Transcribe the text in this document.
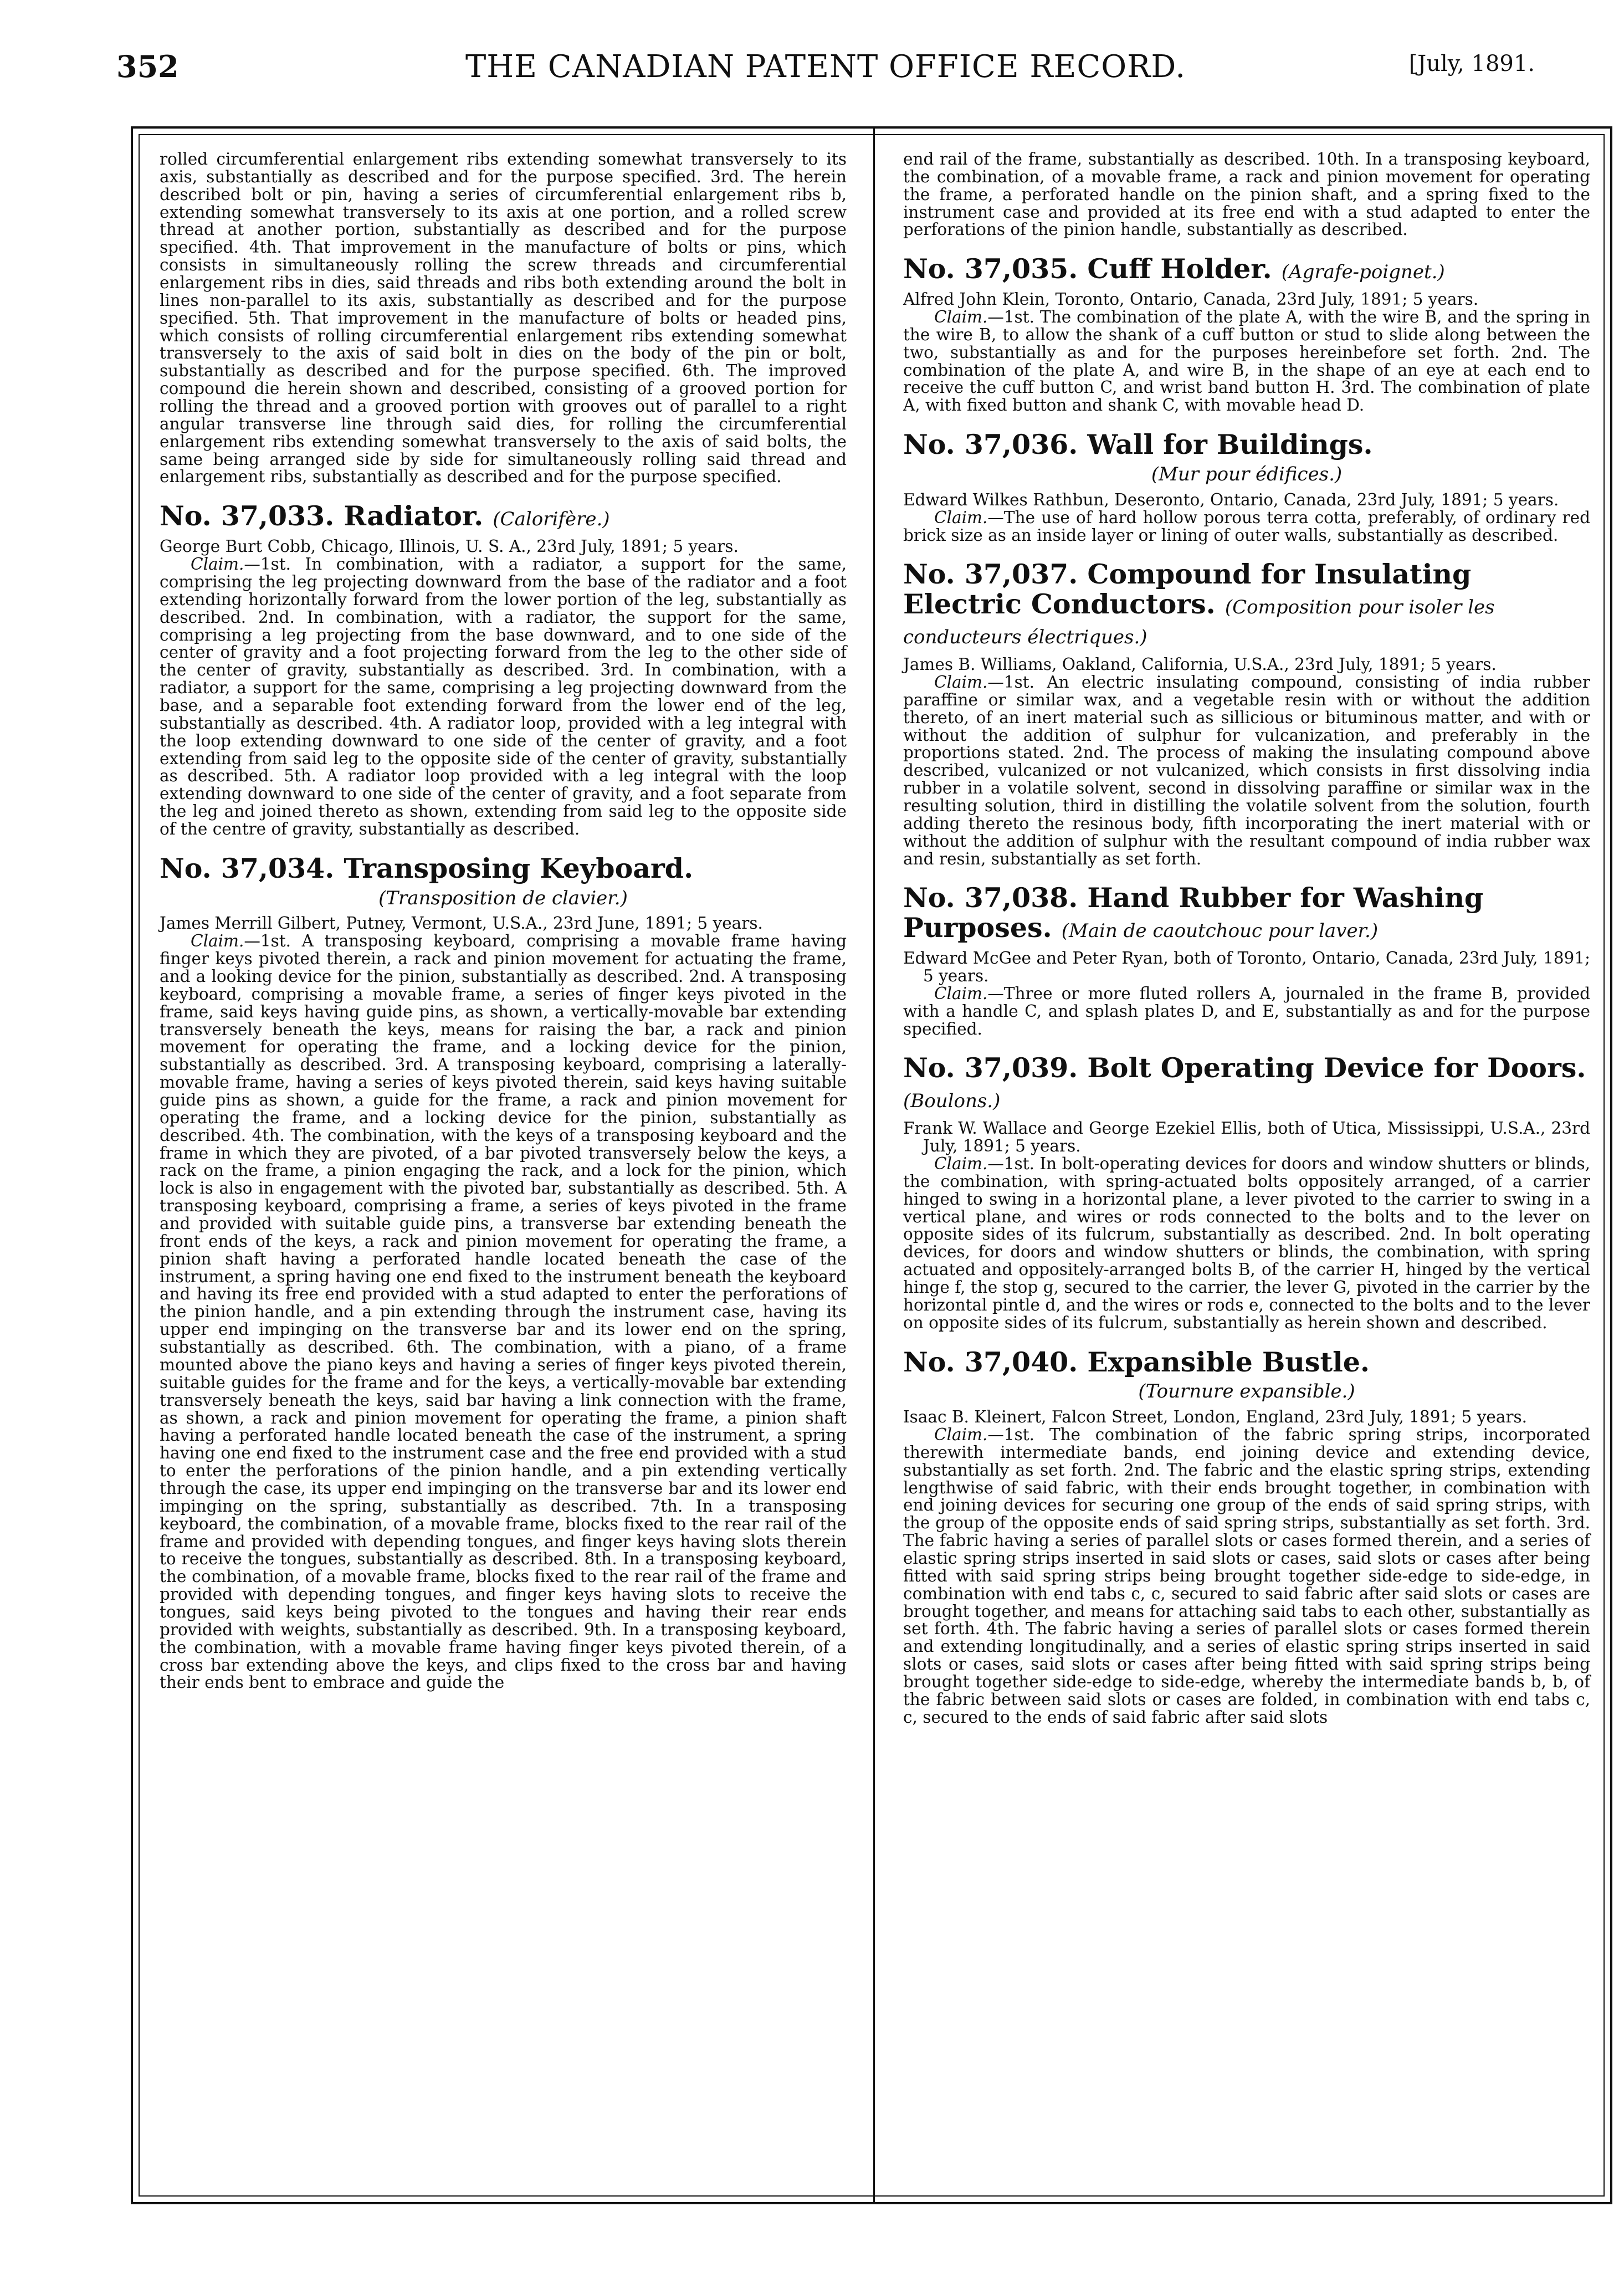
352	THE CANADIAN PATENT OFFICE RECORD.	[July, 1891.

rolled circumferential enlargement ribs extending somewhat transversely to its axis, substantially as described and for the purpose specified. 3rd. The herein described bolt or pin, having a series of circumferential enlargement ribs b, extending somewhat transversely to its axis at one portion, and a rolled screw thread at another portion, substantially as described and for the purpose specified. 4th. That improvement in the manufacture of bolts or pins, which consists in simultaneously rolling the screw threads and circumferential enlargement ribs in dies, said threads and ribs both extending around the bolt in lines non-parallel to its axis, substantially as described and for the purpose specified. 5th. That improvement in the manufacture of bolts or headed pins, which consists of rolling circumferential enlargement ribs extending somewhat transversely to the axis of said bolt in dies on the body of the pin or bolt, substantially as described and for the purpose specified. 6th. The improved compound die herein shown and described, consisting of a grooved portion for rolling the thread and a grooved portion with grooves out of parallel to a right angular transverse line through said dies, for rolling the circumferential enlargement ribs extending somewhat transversely to the axis of said bolts, the same being arranged side by side for simultaneously rolling said thread and enlargement ribs, substantially as described and for the purpose specified.

No. 37,033. Radiator. (Calorifère.)

George Burt Cobb, Chicago, Illinois, U. S. A., 23rd July, 1891; 5 years.

Claim.—1st. In combination, with a radiator, a support for the same, comprising the leg projecting downward from the base of the radiator and a foot extending horizontally forward from the lower portion of the leg, substantially as described. 2nd. In combination, with a radiator, the support for the same, comprising a leg projecting from the base downward, and to one side of the center of gravity and a foot projecting forward from the leg to the other side of the center of gravity, substantially as described. 3rd. In combination, with a radiator, a support for the same, comprising a leg projecting downward from the base, and a separable foot extending forward from the lower end of the leg, substantially as described. 4th. A radiator loop, provided with a leg integral with the loop extending downward to one side of the center of gravity, and a foot extending from said leg to the opposite side of the center of gravity, substantially as described. 5th. A radiator loop provided with a leg integral with the loop extending downward to one side of the center of gravity, and a foot separate from the leg and joined thereto as shown, extending from said leg to the opposite side of the centre of gravity, substantially as described.

No. 37,034. Transposing Keyboard.
(Transposition de clavier.)

James Merrill Gilbert, Putney, Vermont, U.S.A., 23rd June, 1891; 5 years.

Claim.—1st. A transposing keyboard, comprising a movable frame having finger keys pivoted therein, a rack and pinion movement for actuating the frame, and a looking device for the pinion, substantially as described. 2nd. A transposing keyboard, comprising a movable frame, a series of finger keys pivoted in the frame, said keys having guide pins, as shown, a vertically-movable bar extending transversely beneath the keys, means for raising the bar, a rack and pinion movement for operating the frame, and a locking device for the pinion, substantially as described. 3rd. A transposing keyboard, comprising a laterally-movable frame, having a series of keys pivoted therein, said keys having suitable guide pins as shown, a guide for the frame, a rack and pinion movement for operating the frame, and a locking device for the pinion, substantially as described. 4th. The combination, with the keys of a transposing keyboard and the frame in which they are pivoted, of a bar pivoted transversely below the keys, a rack on the frame, a pinion engaging the rack, and a lock for the pinion, which lock is also in engagement with the pivoted bar, substantially as described. 5th. A transposing keyboard, comprising a frame, a series of keys pivoted in the frame and provided with suitable guide pins, a transverse bar extending beneath the front ends of the keys, a rack and pinion movement for operating the frame, a pinion shaft having a perforated handle located beneath the case of the instrument, a spring having one end fixed to the instrument beneath the keyboard and having its free end provided with a stud adapted to enter the perforations of the pinion handle, and a pin extending through the instrument case, having its upper end impinging on the transverse bar and its lower end on the spring, substantially as described. 6th. The combination, with a piano, of a frame mounted above the piano keys and having a series of finger keys pivoted therein, suitable guides for the frame and for the keys, a vertically-movable bar extending transversely beneath the keys, said bar having a link connection with the frame, as shown, a rack and pinion movement for operating the frame, a pinion shaft having a perforated handle located beneath the case of the instrument, a spring having one end fixed to the instrument case and the free end provided with a stud to enter the perforations of the pinion handle, and a pin extending vertically through the case, its upper end impinging on the transverse bar and its lower end impinging on the spring, substantially as described. 7th. In a transposing keyboard, the combination, of a movable frame, blocks fixed to the rear rail of the frame and provided with depending tongues, and finger keys having slots therein to receive the tongues, substantially as described. 8th. In a transposing keyboard, the combination, of a movable frame, blocks fixed to the rear rail of the frame and provided with depending tongues, and finger keys having slots to receive the tongues, said keys being pivoted to the tongues and having their rear ends provided with weights, substantially as described. 9th. In a transposing keyboard, the combination, with a movable frame having finger keys pivoted therein, of a cross bar extending above the keys, and clips fixed to the cross bar and having their ends bent to embrace and guide the

end rail of the frame, substantially as described. 10th. In a transposing keyboard, the combination, of a movable frame, a rack and pinion movement for operating the frame, a perforated handle on the pinion shaft, and a spring fixed to the instrument case and provided at its free end with a stud adapted to enter the perforations of the pinion handle, substantially as described.

No. 37,035. Cuff Holder. (Agrafe-poignet.)

Alfred John Klein, Toronto, Ontario, Canada, 23rd July, 1891; 5 years.

Claim.—1st. The combination of the plate A, with the wire B, and the spring in the wire B, to allow the shank of a cuff button or stud to slide along between the two, substantially as and for the purposes hereinbefore set forth. 2nd. The combination of the plate A, and wire B, in the shape of an eye at each end to receive the cuff button C, and wrist band button H. 3rd. The combination of plate A, with fixed button and shank C, with movable head D.

No. 37,036. Wall for Buildings.
(Mur pour édifices.)

Edward Wilkes Rathbun, Deseronto, Ontario, Canada, 23rd July, 1891; 5 years.

Claim.—The use of hard hollow porous terra cotta, preferably, of ordinary red brick size as an inside layer or lining of outer walls, substantially as described.

No. 37,037. Compound for Insulating Electric Conductors. (Composition pour isoler les conducteurs électriques.)

James B. Williams, Oakland, California, U.S.A., 23rd July, 1891; 5 years.

Claim.—1st. An electric insulating compound, consisting of india rubber paraffine or similar wax, and a vegetable resin with or without the addition thereto, of an inert material such as sillicious or bituminous matter, and with or without the addition of sulphur for vulcanization, and preferably in the proportions stated. 2nd. The process of making the insulating compound above described, vulcanized or not vulcanized, which consists in first dissolving india rubber in a volatile solvent, second in dissolving paraffine or similar wax in the resulting solution, third in distilling the volatile solvent from the solution, fourth adding thereto the resinous body, fifth incorporating the inert material with or without the addition of sulphur with the resultant compound of india rubber wax and resin, substantially as set forth.

No. 37,038. Hand Rubber for Washing Purposes. (Main de caoutchouc pour laver.)

Edward McGee and Peter Ryan, both of Toronto, Ontario, Canada, 23rd July, 1891; 5 years.

Claim.—Three or more fluted rollers A, journaled in the frame B, provided with a handle C, and splash plates D, and E, substantially as and for the purpose specified.

No. 37,039. Bolt Operating Device for Doors. (Boulons.)

Frank W. Wallace and George Ezekiel Ellis, both of Utica, Mississippi, U.S.A., 23rd July, 1891; 5 years.

Claim.—1st. In bolt-operating devices for doors and window shutters or blinds, the combination, with spring-actuated bolts oppositely arranged, of a carrier hinged to swing in a horizontal plane, a lever pivoted to the carrier to swing in a vertical plane, and wires or rods connected to the bolts and to the lever on opposite sides of its fulcrum, substantially as described. 2nd. In bolt operating devices, for doors and window shutters or blinds, the combination, with spring actuated and oppositely-arranged bolts B, of the carrier H, hinged by the vertical hinge f, the stop g, secured to the carrier, the lever G, pivoted in the carrier by the horizontal pintle d, and the wires or rods e, connected to the bolts and to the lever on opposite sides of its fulcrum, substantially as herein shown and described.

No. 37,040. Expansible Bustle.
(Tournure expansible.)

Isaac B. Kleinert, Falcon Street, London, England, 23rd July, 1891; 5 years.

Claim.—1st. The combination of the fabric spring strips, incorporated therewith intermediate bands, end joining device and extending device, substantially as set forth. 2nd. The fabric and the elastic spring strips, extending lengthwise of said fabric, with their ends brought together, in combination with end joining devices for securing one group of the ends of said spring strips, with the group of the opposite ends of said spring strips, substantially as set forth. 3rd. The fabric having a series of parallel slots or cases formed therein, and a series of elastic spring strips inserted in said slots or cases, said slots or cases after being fitted with said spring strips being brought together side-edge to side-edge, in combination with end tabs c, c, secured to said fabric after said slots or cases are brought together, and means for attaching said tabs to each other, substantially as set forth. 4th. The fabric having a series of parallel slots or cases formed therein and extending longitudinally, and a series of elastic spring strips inserted in said slots or cases, said slots or cases after being fitted with said spring strips being brought together side-edge to side-edge, whereby the intermediate bands b, b, of the fabric between said slots or cases are folded, in combination with end tabs c, c, secured to the ends of said fabric after said slots
